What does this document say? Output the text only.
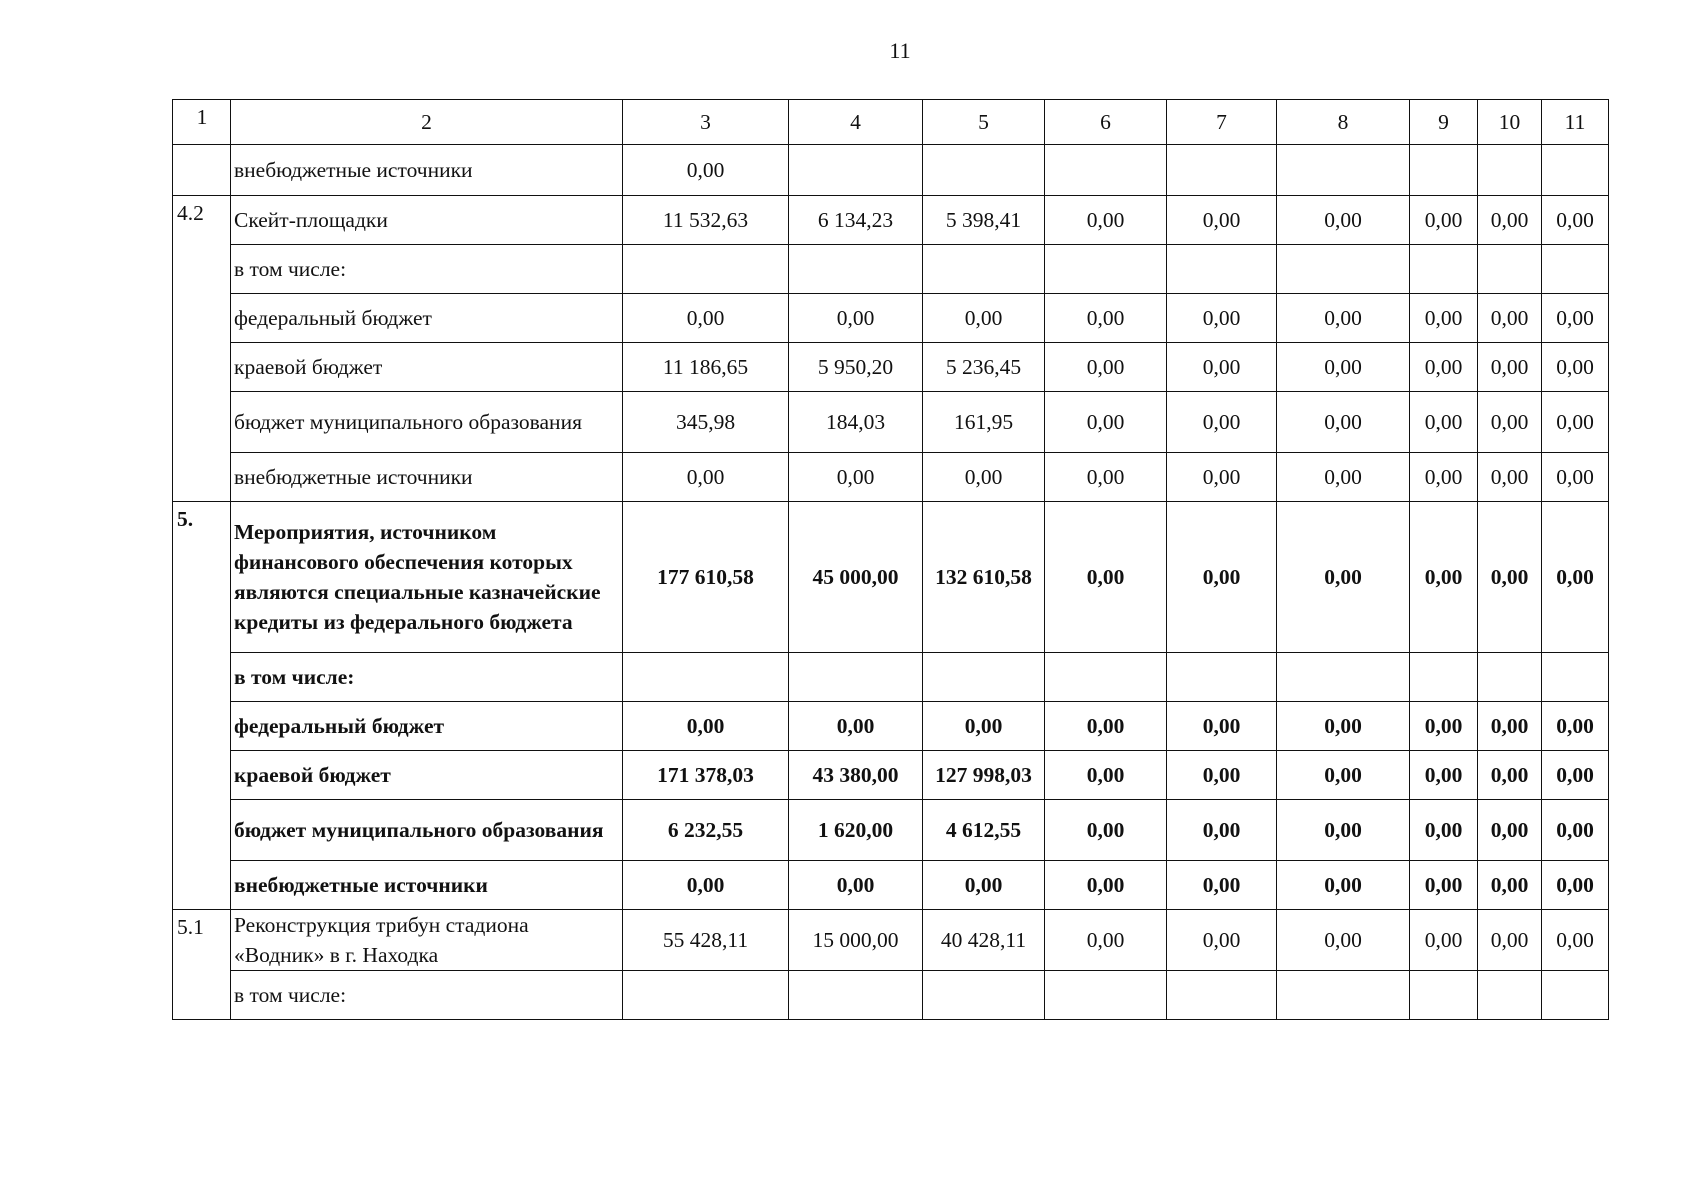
11
1	2	3	4	5	6	7	8	9	10	11
	внебюджетные источники	0,00								
4.2	Скейт-площадки	11 532,63	6 134,23	5 398,41	0,00	0,00	0,00	0,00	0,00	0,00
	в том числе:									
	федеральный бюджет	0,00	0,00	0,00	0,00	0,00	0,00	0,00	0,00	0,00
	краевой бюджет	11 186,65	5 950,20	5 236,45	0,00	0,00	0,00	0,00	0,00	0,00
	бюджет муниципального образования	345,98	184,03	161,95	0,00	0,00	0,00	0,00	0,00	0,00
	внебюджетные источники	0,00	0,00	0,00	0,00	0,00	0,00	0,00	0,00	0,00
5.	Мероприятия, источником финансового обеспечения которых являются специальные казначейские кредиты из федерального бюджета	177 610,58	45 000,00	132 610,58	0,00	0,00	0,00	0,00	0,00	0,00
	в том числе:									
	федеральный бюджет	0,00	0,00	0,00	0,00	0,00	0,00	0,00	0,00	0,00
	краевой бюджет	171 378,03	43 380,00	127 998,03	0,00	0,00	0,00	0,00	0,00	0,00
	бюджет муниципального образования	6 232,55	1 620,00	4 612,55	0,00	0,00	0,00	0,00	0,00	0,00
	внебюджетные источники	0,00	0,00	0,00	0,00	0,00	0,00	0,00	0,00	0,00
5.1	Реконструкция трибун стадиона «Водник» в г. Находка	55 428,11	15 000,00	40 428,11	0,00	0,00	0,00	0,00	0,00	0,00
	в том числе:									
